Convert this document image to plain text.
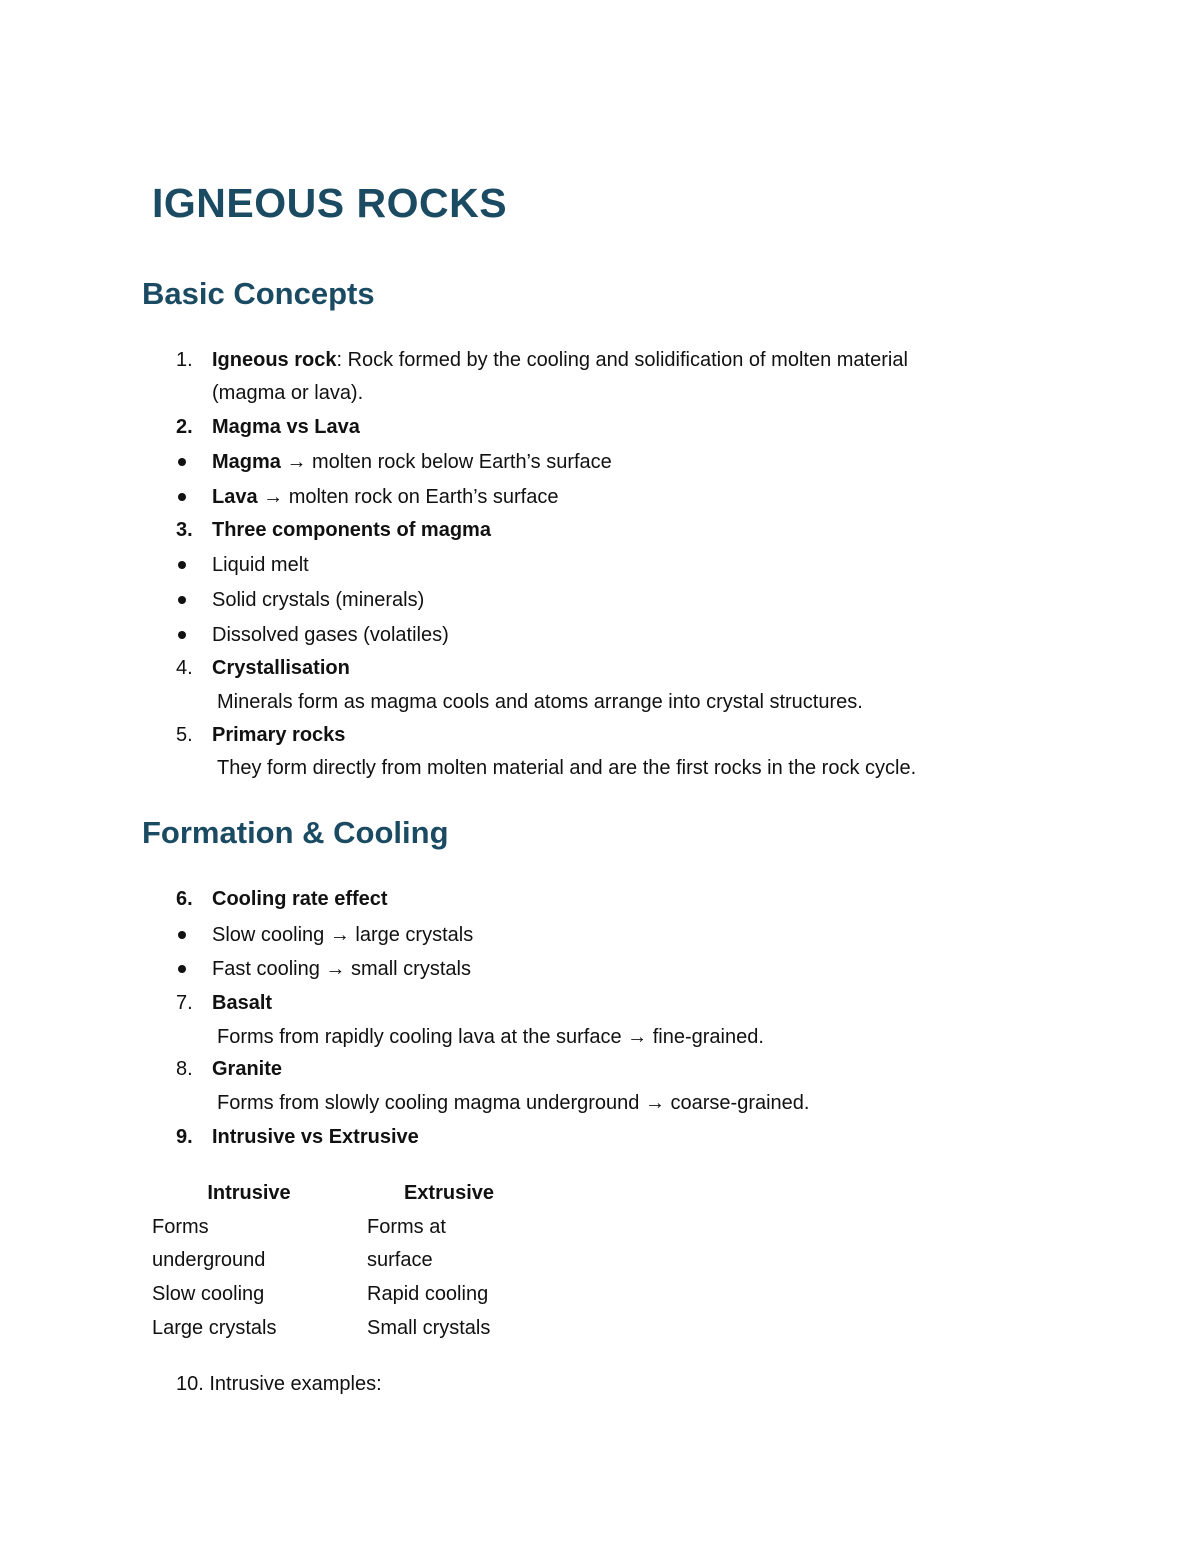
IGNEOUS ROCKS
Basic Concepts
1. Igneous rock: Rock formed by the cooling and solidification of molten material
(magma or lava).
2. Magma vs Lava
Magma → molten rock below Earth’s surface
Lava → molten rock on Earth’s surface
3. Three components of magma
Liquid melt
Solid crystals (minerals)
Dissolved gases (volatiles)
4. Crystallisation
Minerals form as magma cools and atoms arrange into crystal structures.
5. Primary rocks
They form directly from molten material and are the first rocks in the rock cycle.
Formation & Cooling
6. Cooling rate effect
Slow cooling → large crystals
Fast cooling → small crystals
7. Basalt
Forms from rapidly cooling lava at the surface → fine-grained.
8. Granite
Forms from slowly cooling magma underground → coarse-grained.
9. Intrusive vs Extrusive
Intrusive	Extrusive
Forms	Forms at
underground	surface
Slow cooling	Rapid cooling
Large crystals	Small crystals
10. Intrusive examples:
